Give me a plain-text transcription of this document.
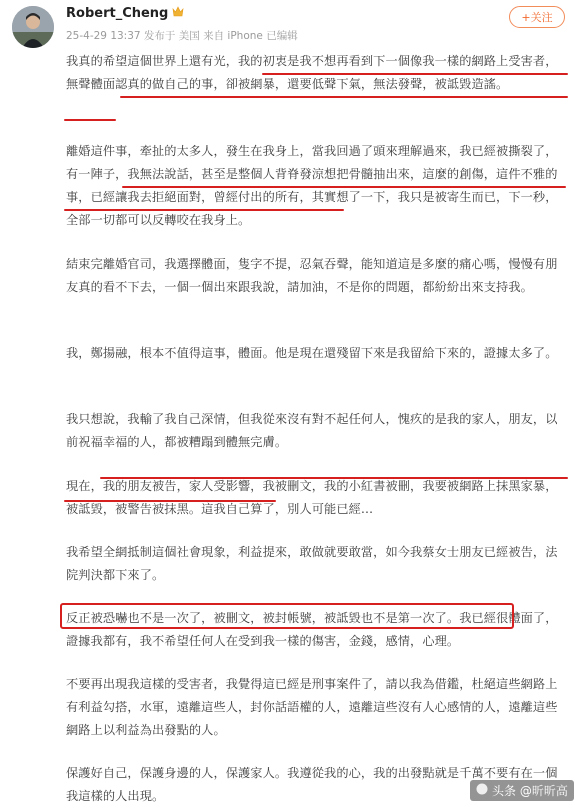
Robert_Cheng
25-4-29 13:37 发布于 美国 来自 iPhone 已编辑
+关注
我真的希望這個世界上還有光，我的初衷是我不想再看到下一個像我一樣的網路上受害者，無聲體面認真的做自己的事，卻被網暴，還要低聲下氣，無法發聲，被詆毀造謠。
離婚這件事，牽扯的太多人，發生在我身上，當我回過了頭來理解過來，我已經被撕裂了，有一陣子，我無法說話，甚至是整個人背脊發涼想把骨髓抽出來，這麼的創傷，這件不雅的事，已經讓我去拒絕面對，曾經付出的所有，其實想了一下，我只是被寄生而已，下一秒，全部一切都可以反轉咬在我身上。
結束完離婚官司，我選擇體面，隻字不提，忍氣吞聲，能知道這是多麼的痛心嗎，慢慢有朋友真的看不下去，一個一個出來跟我說，請加油，不是你的問題，都紛紛出來支持我。
我，鄭揚融，根本不值得這事，體面。他是現在還殘留下來是我留給下來的，證據太多了。
我只想說，我輸了我自己深情，但我從來沒有對不起任何人，愧疚的是我的家人，朋友，以前祝福幸福的人，都被糟蹋到體無完膚。
現在，我的朋友被告，家人受影響，我被刪文，我的小紅書被刪，我要被網路上抹黑家暴，被詆毀，被警告被抹黑。這我自己算了，別人可能已經…
我希望全網抵制這個社會現象，利益提來，敢做就要敢當，如今我蔡女士朋友已經被告，法院判決都下來了。
反正被恐嚇也不是一次了，被刪文，被封帳號，被詆毀也不是第一次了。我已經很體面了，證據我都有，我不希望任何人在受到我一樣的傷害，金錢，感情，心理。
不要再出現我這樣的受害者，我覺得這已經是刑事案件了，請以我為借鑑，杜絕這些網路上有利益勾搭，水軍，遠離這些人，封你話語權的人，遠離這些沒有人心感情的人，遠離這些網路上以利益為出發點的人。
保護好自己，保護身邊的人，保護家人。我遵從我的心，我的出發點就是千萬不要有在一個我這樣的人出現。	头条 @昕昕高
